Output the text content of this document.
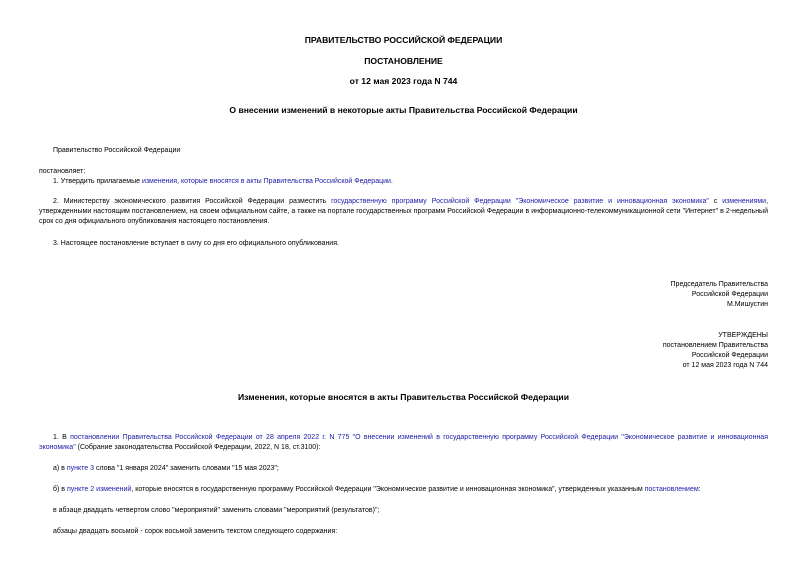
ПРАВИТЕЛЬСТВО РОССИЙСКОЙ ФЕДЕРАЦИИ
ПОСТАНОВЛЕНИЕ
от 12 мая 2023 года N 744
О внесении изменений в некоторые акты Правительства Российской Федерации
Правительство Российской Федерации
постановляет:
1. Утвердить прилагаемые изменения, которые вносятся в акты Правительства Российской Федерации.
2. Министерству экономического развития Российской Федерации разместить государственную программу Российской Федерации "Экономическое развитие и инновационная экономика" с изменениями, утвержденными настоящим постановлением, на своем официальном сайте, а также на портале государственных программ Российской Федерации в информационно-телекоммуникационной сети "Интернет" в 2-недельный срок со дня официального опубликования настоящего постановления.
3. Настоящее постановление вступает в силу со дня его официального опубликования.
Председатель Правительства
Российской Федерации
М.Мишустин
УТВЕРЖДЕНЫ
постановлением Правительства
Российской Федерации
от 12 мая 2023 года N 744
Изменения, которые вносятся в акты Правительства Российской Федерации
1. В постановлении Правительства Российской Федерации от 28 апреля 2022 г. N 775 "О внесении изменений в государственную программу Российской Федерации "Экономическое развитие и инновационная экономика" (Собрание законодательства Российской Федерации, 2022, N 18, ст.3100):
а) в пункте 3 слова "1 января 2024" заменить словами "15 мая 2023";
б) в пункте 2 изменений, которые вносятся в государственную программу Российской Федерации "Экономическое развитие и инновационная экономика", утвержденных указанным постановлением:
в абзаце двадцать четвертом слово "мероприятий" заменить словами "мероприятий (результатов)";
абзацы двадцать восьмой - сорок восьмой заменить текстом следующего содержания:
